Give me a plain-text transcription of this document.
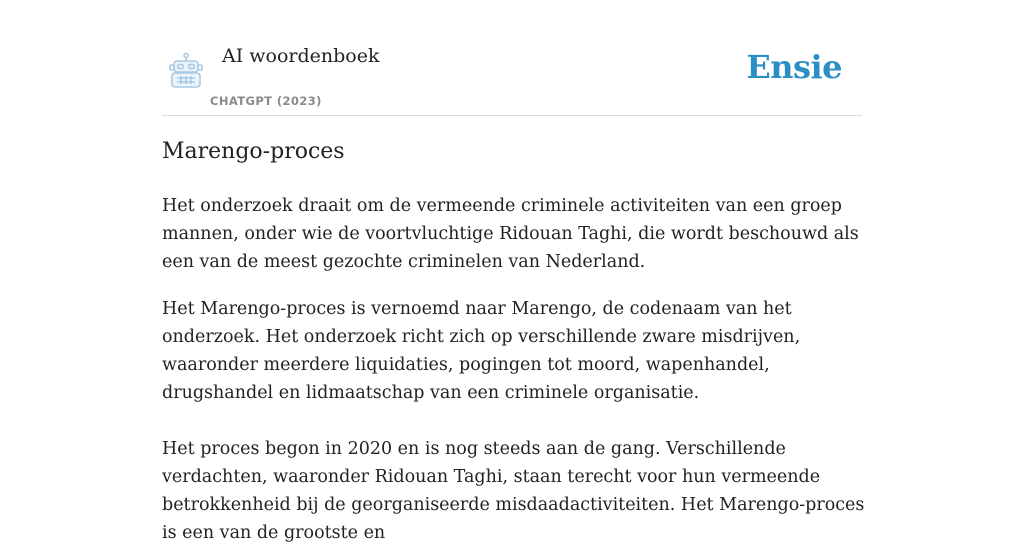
AI woordenboek
CHATGPT (2023)
Ensie
Marengo-proces

Het onderzoek draait om de vermeende criminele activiteiten van een groep mannen, onder wie de voortvluchtige Ridouan Taghi, die wordt beschouwd als een van de meest gezochte criminelen van Nederland.

Het Marengo-proces is vernoemd naar Marengo, de codenaam van het onderzoek. Het onderzoek richt zich op verschillende zware misdrijven, waaronder meerdere liquidaties, pogingen tot moord, wapenhandel, drugshandel en lidmaatschap van een criminele organisatie.

Het proces begon in 2020 en is nog steeds aan de gang. Verschillende verdachten, waaronder Ridouan Taghi, staan terecht voor hun vermeende betrokkenheid bij de georganiseerde misdaadactiviteiten. Het Marengo-proces is een van de grootste en
